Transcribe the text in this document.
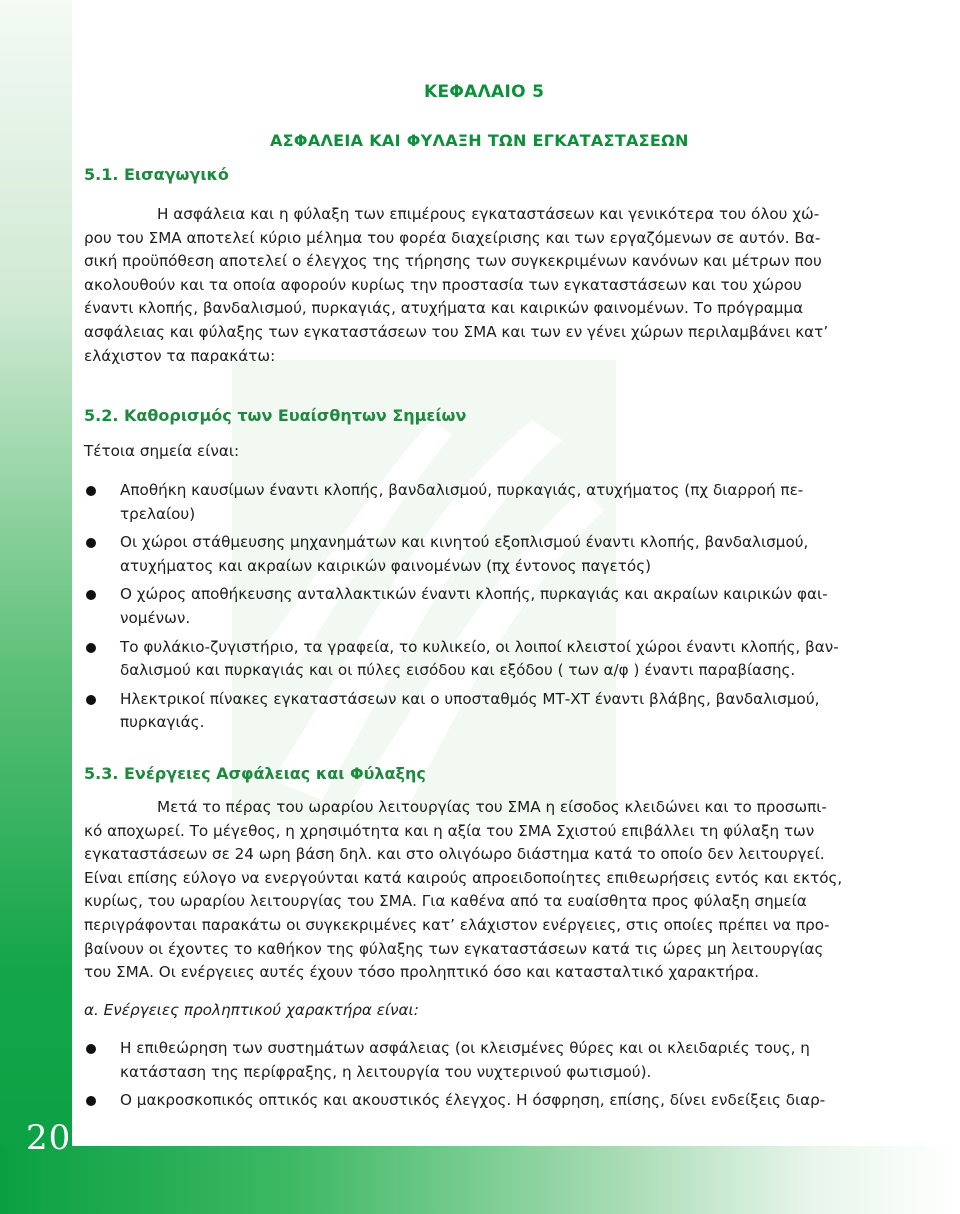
20
ΚΕΦΑΛΑΙΟ 5
ΑΣΦΑΛΕΙΑ ΚΑΙ ΦΥΛΑΞΗ ΤΩΝ ΕΓΚΑΤΑΣΤΑΣΕΩΝ
5.1. Εισαγωγικό
Η ασφάλεια και η φύλαξη των επιμέρους εγκαταστάσεων και γενικότερα του όλου χώ-
ρου του ΣΜΑ αποτελεί κύριο μέλημα του φορέα διαχείρισης και των εργαζόμενων σε αυτόν. Βα-
σική προϋπόθεση αποτελεί ο έλεγχος της τήρησης των συγκεκριμένων κανόνων και μέτρων που
ακολουθούν και τα οποία αφορούν κυρίως την προστασία των εγκαταστάσεων και του χώρου
έναντι κλοπής, βανδαλισμού, πυρκαγιάς, ατυχήματα και καιρικών φαινομένων. Το πρόγραμμα
ασφάλειας και φύλαξης των εγκαταστάσεων του ΣΜΑ και των εν γένει χώρων περιλαμβάνει κατ’
ελάχιστον τα παρακάτω:
5.2. Καθορισμός των Ευαίσθητων Σημείων
Τέτοια σημεία είναι:
Αποθήκη καυσίμων έναντι κλοπής, βανδαλισμού, πυρκαγιάς, ατυχήματος (πχ διαρροή πε-
τρελαίου)
Οι χώροι στάθμευσης μηχανημάτων και κινητού εξοπλισμού έναντι κλοπής, βανδαλισμού,
ατυχήματος και ακραίων καιρικών φαινομένων (πχ έντονος παγετός)
Ο χώρος αποθήκευσης ανταλλακτικών έναντι κλοπής, πυρκαγιάς και ακραίων καιρικών φαι-
νομένων.
Το φυλάκιο-ζυγιστήριο, τα γραφεία, το κυλικείο, οι λοιποί κλειστοί χώροι έναντι κλοπής, βαν-
δαλισμού και πυρκαγιάς και οι πύλες εισόδου και εξόδου ( των α/φ ) έναντι παραβίασης.
Ηλεκτρικοί πίνακες εγκαταστάσεων και ο υποσταθμός ΜΤ-ΧΤ έναντι βλάβης, βανδαλισμού,
πυρκαγιάς.
5.3. Ενέργειες Ασφάλειας και Φύλαξης
Μετά το πέρας του ωραρίου λειτουργίας του ΣΜΑ η είσοδος κλειδώνει και το προσωπι-
κό αποχωρεί. Το μέγεθος, η χρησιμότητα και η αξία του ΣΜΑ Σχιστού επιβάλλει τη φύλαξη των
εγκαταστάσεων σε 24 ωρη βάση δηλ. και στο ολιγόωρο διάστημα κατά το οποίο δεν λειτουργεί.
Είναι επίσης εύλογο να ενεργούνται κατά καιρούς απροειδοποίητες επιθεωρήσεις εντός και εκτός,
κυρίως, του ωραρίου λειτουργίας του ΣΜΑ. Για καθένα από τα ευαίσθητα προς φύλαξη σημεία
περιγράφονται παρακάτω οι συγκεκριμένες κατ’ ελάχιστον ενέργειες, στις οποίες πρέπει να προ-
βαίνουν οι έχοντες το καθήκον της φύλαξης των εγκαταστάσεων κατά τις ώρες μη λειτουργίας
του ΣΜΑ. Οι ενέργειες αυτές έχουν τόσο προληπτικό όσο και κατασταλτικό χαρακτήρα.
α. Ενέργειες προληπτικού χαρακτήρα είναι:
Η επιθεώρηση των συστημάτων ασφάλειας (οι κλεισμένες θύρες και οι κλειδαριές τους, η
κατάσταση της περίφραξης, η λειτουργία του νυχτερινού φωτισμού).
Ο μακροσκοπικός οπτικός και ακουστικός έλεγχος. Η όσφρηση, επίσης, δίνει ενδείξεις διαρ-
